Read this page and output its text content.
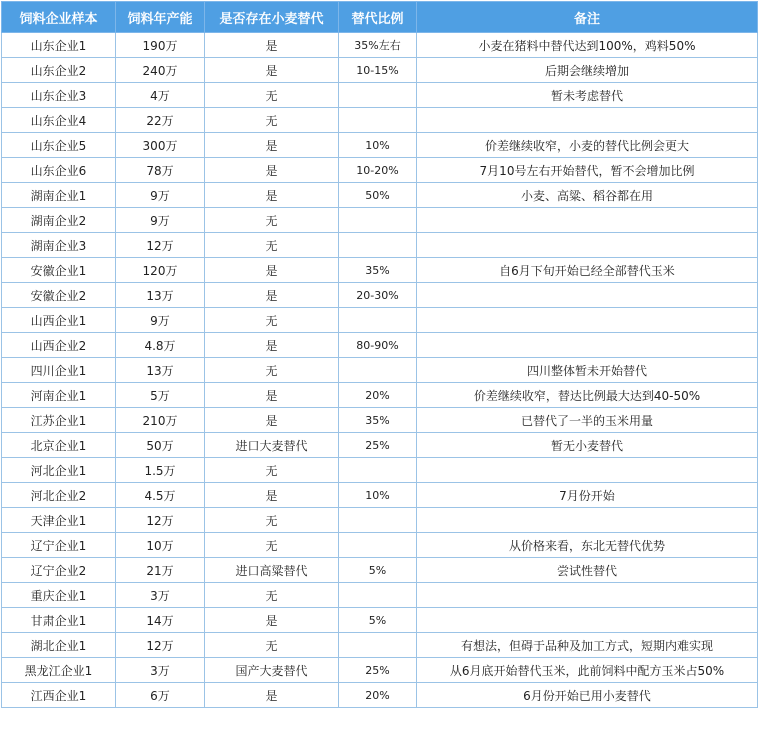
饲料企业样本	饲料年产能	是否存在小麦替代	替代比例	备注
山东企业1	190万	是	35%左右	小麦在猪料中替代达到100%，鸡料50%
山东企业2	240万	是	10-15%	后期会继续增加
山东企业3	4万	无		暂未考虑替代
山东企业4	22万	无		
山东企业5	300万	是	10%	价差继续收窄，小麦的替代比例会更大
山东企业6	78万	是	10-20%	7月10号左右开始替代，暂不会增加比例
湖南企业1	9万	是	50%	小麦、高粱、稻谷都在用
湖南企业2	9万	无		
湖南企业3	12万	无		
安徽企业1	120万	是	35%	自6月下旬开始已经全部替代玉米
安徽企业2	13万	是	20-30%	
山西企业1	9万	无		
山西企业2	4.8万	是	80-90%	
四川企业1	13万	无		四川整体暂未开始替代
河南企业1	5万	是	20%	价差继续收窄，替达比例最大达到40-50%
江苏企业1	210万	是	35%	已替代了一半的玉米用量
北京企业1	50万	进口大麦替代	25%	暂无小麦替代
河北企业1	1.5万	无		
河北企业2	4.5万	是	10%	7月份开始
天津企业1	12万	无		
辽宁企业1	10万	无		从价格来看，东北无替代优势
辽宁企业2	21万	进口高粱替代	5%	尝试性替代
重庆企业1	3万	无		
甘肃企业1	14万	是	5%	
湖北企业1	12万	无		有想法，但碍于品种及加工方式，短期内难实现
黑龙江企业1	3万	国产大麦替代	25%	从6月底开始替代玉米，此前饲料中配方玉米占50%
江西企业1	6万	是	20%	6月份开始已用小麦替代
